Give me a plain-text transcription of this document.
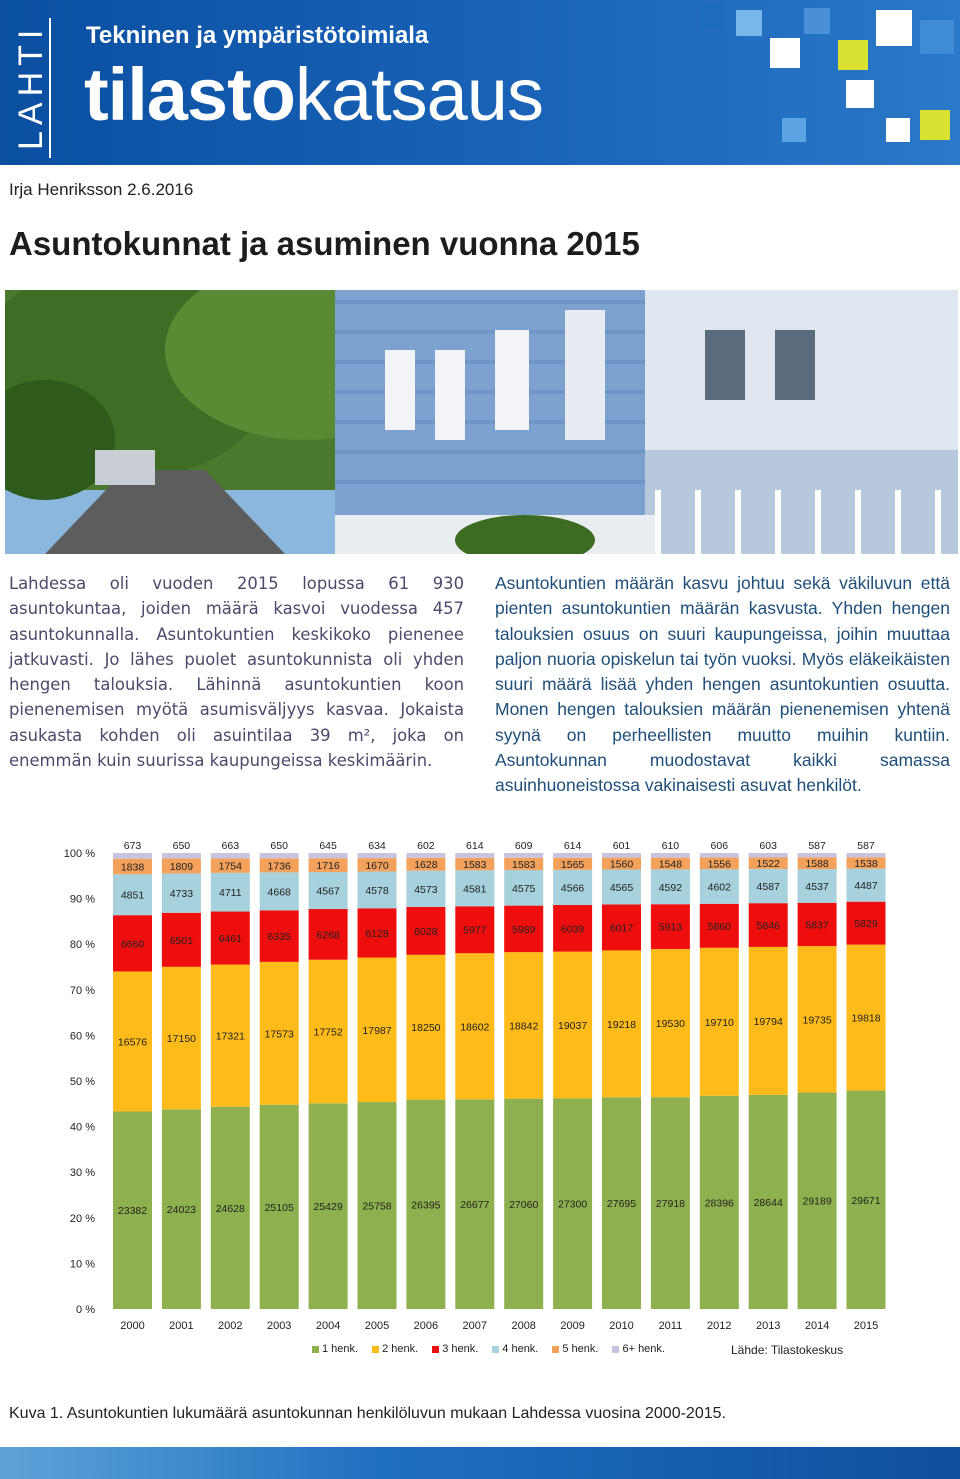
LAHTI Tekninen ja ympäristötoimiala
tilastokatsaus
Irja Henriksson 2.6.2016
Asuntokunnat ja asuminen vuonna 2015
Lahdessa oli vuoden 2015 lopussa 61 930 asuntokuntaa, joiden määrä kasvoi vuodessa 457 asuntokunnalla. Asuntokuntien keskikoko pienenee jatkuvasti. Jo lähes puolet asuntokunnista oli yhden hengen talouksia. Lähinnä asuntokuntien koon pienenemisen myötä asumisväljyys kasvaa. Jokaista asukasta kohden oli asuintilaa 39 m², joka on enemmän kuin suurissa kaupungeissa keskimäärin.
Asuntokuntien määrän kasvu johtuu sekä väkiluvun että pienten asuntokuntien määrän kasvusta. Yhden hengen talouksien osuus on suuri kaupungeissa, joihin muuttaa paljon nuoria opiskelun tai työn vuoksi. Myös eläkeikäisten suuri määrä lisää yhden hengen asuntokuntien osuutta. Monen hengen talouksien määrän pienenemisen yhtenä syynä on perheellisten muutto muihin kuntiin. Asuntokunnan muodostavat kaikki samassa asuinhuoneistossa vakinaisesti asuvat henkilöt.
0 %
10 %
20 %
30 %
40 %
50 %
60 %
70 %
80 %
90 %
100 %
23382
16576
6660
4851
1838
673
2000
24023
17150
6501
4733
1809
650
2001
24628
17321
6461
4711
1754
663
2002
25105
17573
6335
4668
1736
650
2003
25429
17752
6268
4567
1716
645
2004
25758
17987
6128
4578
1670
634
2005
26395
18250
6028
4573
1628
602
2006
26677
18602
5977
4581
1583
614
2007
27060
18842
5989
4575
1583
609
2008
27300
19037
6039
4566
1565
614
2009
27695
19218
6017
4565
1560
601
2010
27918
19530
5913
4592
1548
610
2011
28396
19710
5860
4602
1556
606
2012
28644
19794
5846
4587
1522
603
2013
29189
19735
5837
4537
1588
587
2014
29671
19818
5829
4487
1538
587
2015
1 henk. 2 henk. 3 henk. 4 henk. 5 henk. 6+ henk.	Lähde: Tilastokeskus
Kuva 1. Asuntokuntien lukumäärä asuntokunnan henkilöluvun mukaan Lahdessa vuosina 2000-2015.
